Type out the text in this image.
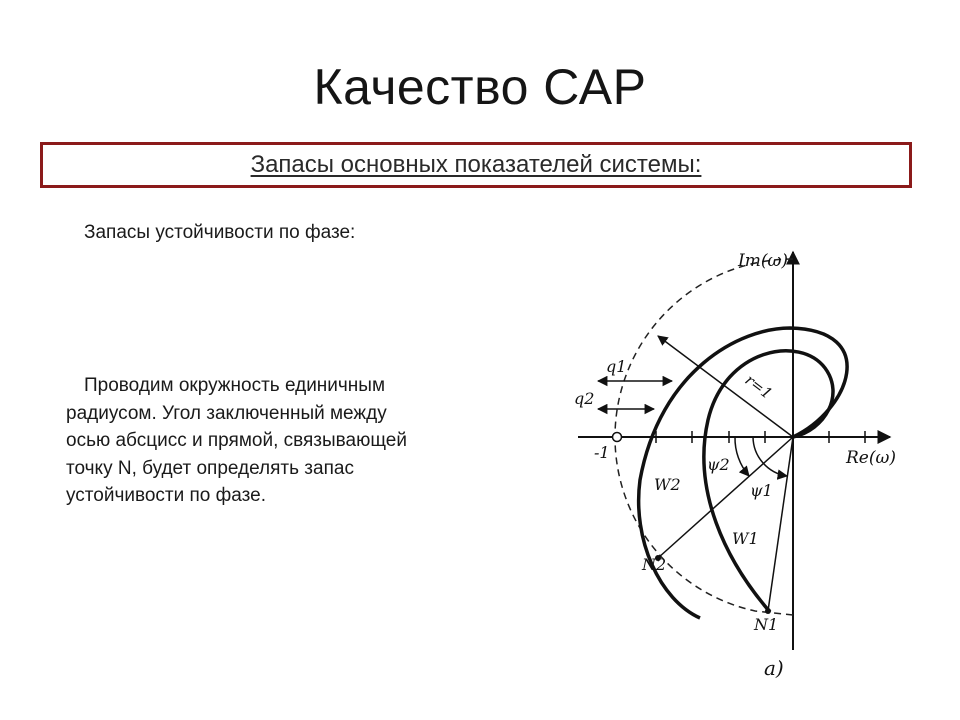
Качество САР
Запасы основных показателей системы:
Запасы устойчивости по фазе:
Проводим окружность единичным
радиусом. Угол заключенный между
осью абсцисс и прямой, связывающей
точку N, будет определять запас
устойчивости по фазе.
Im(ω)
Re(ω)
q1
q2
-1
r=1
ψ2
ψ1
W2
W1
N2
N1
a)
